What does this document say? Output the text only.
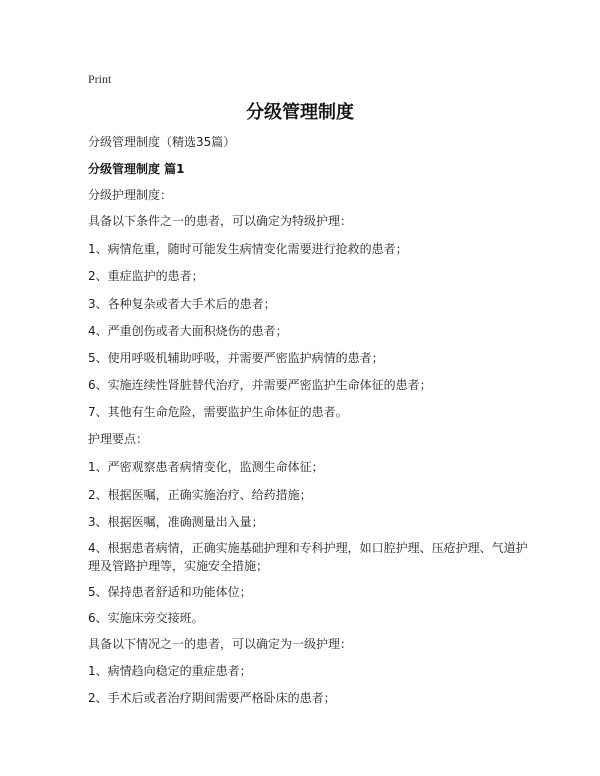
Print
分级管理制度
分级管理制度（精选35篇）
分级管理制度 篇1
分级护理制度：
具备以下条件之一的患者，可以确定为特级护理：
1、病情危重，随时可能发生病情变化需要进行抢救的患者；
2、重症监护的患者；
3、各种复杂或者大手术后的患者；
4、严重创伤或者大面积烧伤的患者；
5、使用呼吸机辅助呼吸，并需要严密监护病情的患者；
6、实施连续性肾脏替代治疗，并需要严密监护生命体征的患者；
7、其他有生命危险，需要监护生命体征的患者。
护理要点：
1、严密观察患者病情变化，监测生命体征；
2、根据医嘱，正确实施治疗、给药措施；
3、根据医嘱，准确测量出入量；
4、根据患者病情，正确实施基础护理和专科护理，如口腔护理、压疮护理、气道护理及管路护理等，实施安全措施；
5、保持患者舒适和功能体位；
6、实施床旁交接班。
具备以下情况之一的患者，可以确定为一级护理：
1、病情趋向稳定的重症患者；
2、手术后或者治疗期间需要严格卧床的患者；
